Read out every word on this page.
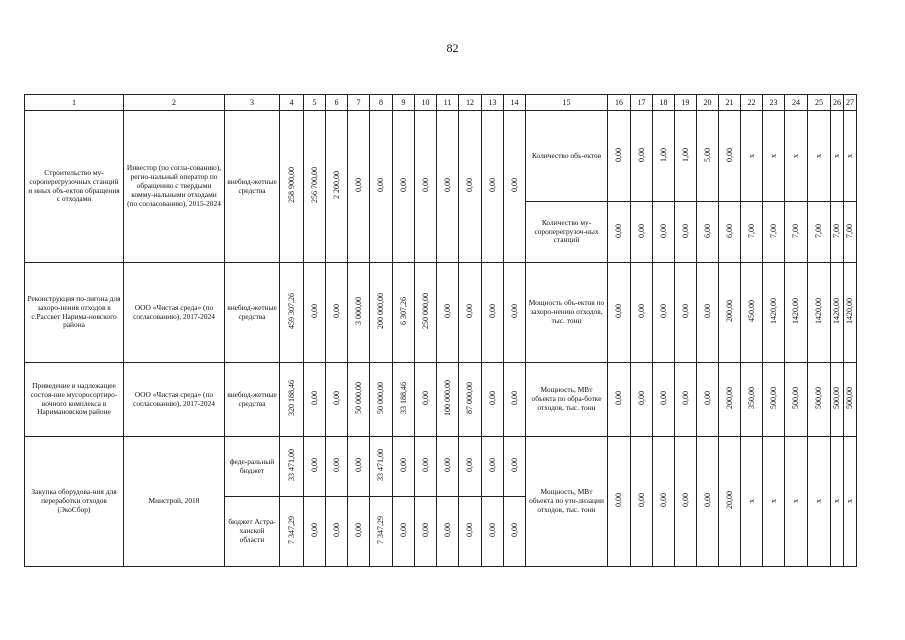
82
1	2	3	4	5	6	7	8	9	10	11	12	13	14	15	16	17	18	19	20	21	22	23	24	25	26	27

Строительство му-сороперегрузочных станций и иных объ-ектов обращения с отходами	Инвестор (по согла-сованию), регио-нальный оператор по обращению с твердыми комму-нальными отходами (по согласованию), 2015-2024	внебюд-жетные средства	258 900,00	256 700,00	2 200,00	0,00	0,00	0,00	0,00	0,00	0,00	0,00	0,00	Количество объ-ектов	0,00	0,00	1,00	1,00	5,00	0,00	х	х	х	х	х	х

														Количество му-сороперегрузоч-ных станций	0,00	0,00	0,00	0,00	6,00	6,00	7,00	7,00	7,00	7,00	7,00	7,00

Реконструкция по-лигона для захоро-нения отходов в с.Рассвет Нарима-новского района	ООО «Чистая среда» (по согласованию), 2017-2024	внебюд-жетные средства	459 307,26	0,00	0,00	3 000,00	200 000,00	6 307,26	250 000,00	0,00	0,00	0,00	0,00	Мощность объ-ектов по захоро-нению отходов, тыс. тонн	0,00	0,00	0,00	0,00	0,00	200,00	450,00	1420,00	1420,00	1420,00	1420,00	1420,00

Приведение в надлежащее состоя-ние мусоросортиро-вочного комплекса в Наримановском районе	ООО «Чистая среда» (по согласованию), 2017-2024	внебюд-жетные средства	320 188,46	0,00	0,00	50 000,00	50 000,00	33 188,46	0,00	100 000,00	87 000,00	0,00	0,00	Мощность, МВт объекта по обра-ботке отходов, тыс. тонн	0,00	0,00	0,00	0,00	0,00	200,00	350,00	500,00	500,00	500,00	500,00	500,00

Закупка оборудова-ния для переработки отходов (ЭкоСбор)	Минстрой, 2018	феде-ральный бюджет	33 471,00	0,00	0,00	0,00	33 471,00	0,00	0,00	0,00	0,00	0,00	0,00	Мощность, МВт объекта по ути-лизации отходов, тыс. тонн	0,00	0,00	0,00	0,00	0,00	20,00	х	х	х	х	х	х

		бюджет Астра-ханской области	7 347,29	0,00	0,00	0,00	7 347,29	0,00	0,00	0,00	0,00	0,00	0,00													
